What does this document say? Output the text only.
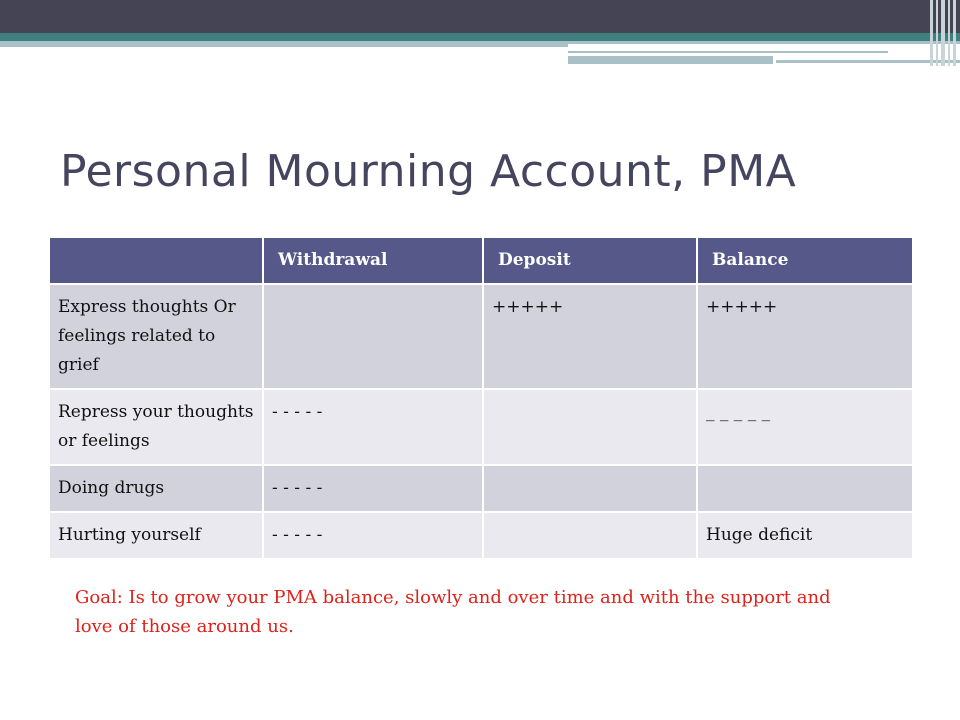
Personal Mourning Account, PMA
	Withdrawal	Deposit	Balance
Express thoughts Or feelings related to grief		+++++	+++++
Repress your thoughts or feelings	- - - - -		_ _ _ _ _
Doing drugs	- - - - -		
Hurting yourself	- - - - -		Huge deficit

Goal: Is to grow your PMA balance, slowly and over time and with the support and love of those around us.
